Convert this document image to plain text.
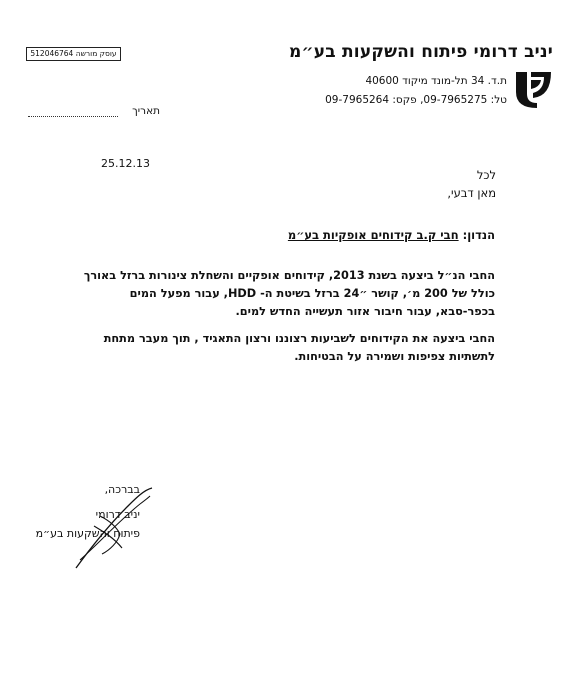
עוסק מורשה 512046764	יניב דרומי פיתוח והשקעות בע״מ
ת.ד. 34 תל-מונד מיקוד 40600
טל: 09-7965275, פקס: 09-7965264
תאריך
25.12.13
לכל
מאן דבעי,
הנדון: חבי ק.ב קידוחים אופקיות בע״מ
החבי הנ״ל ביצעה בשנת 2013, קידוחים אופקיים והשחלת צינורות ברזל באורך כולל של 200 מ׳, קושר ״24 ברזל בשיטת ה- HDD, עבור מפעל המים בכפר-סבא, עבור חיבור אזור תעשייה החדש למים.
החבי ביצעה את הקידוחים לשביעות רצוננו ורצון התאגיד , תוך מעבר מתחת לתשתיות צפיפות ושמירה על הבטיחות.
בברכה,
יניב דרומי
פיתוח והשקעות בע״מ
